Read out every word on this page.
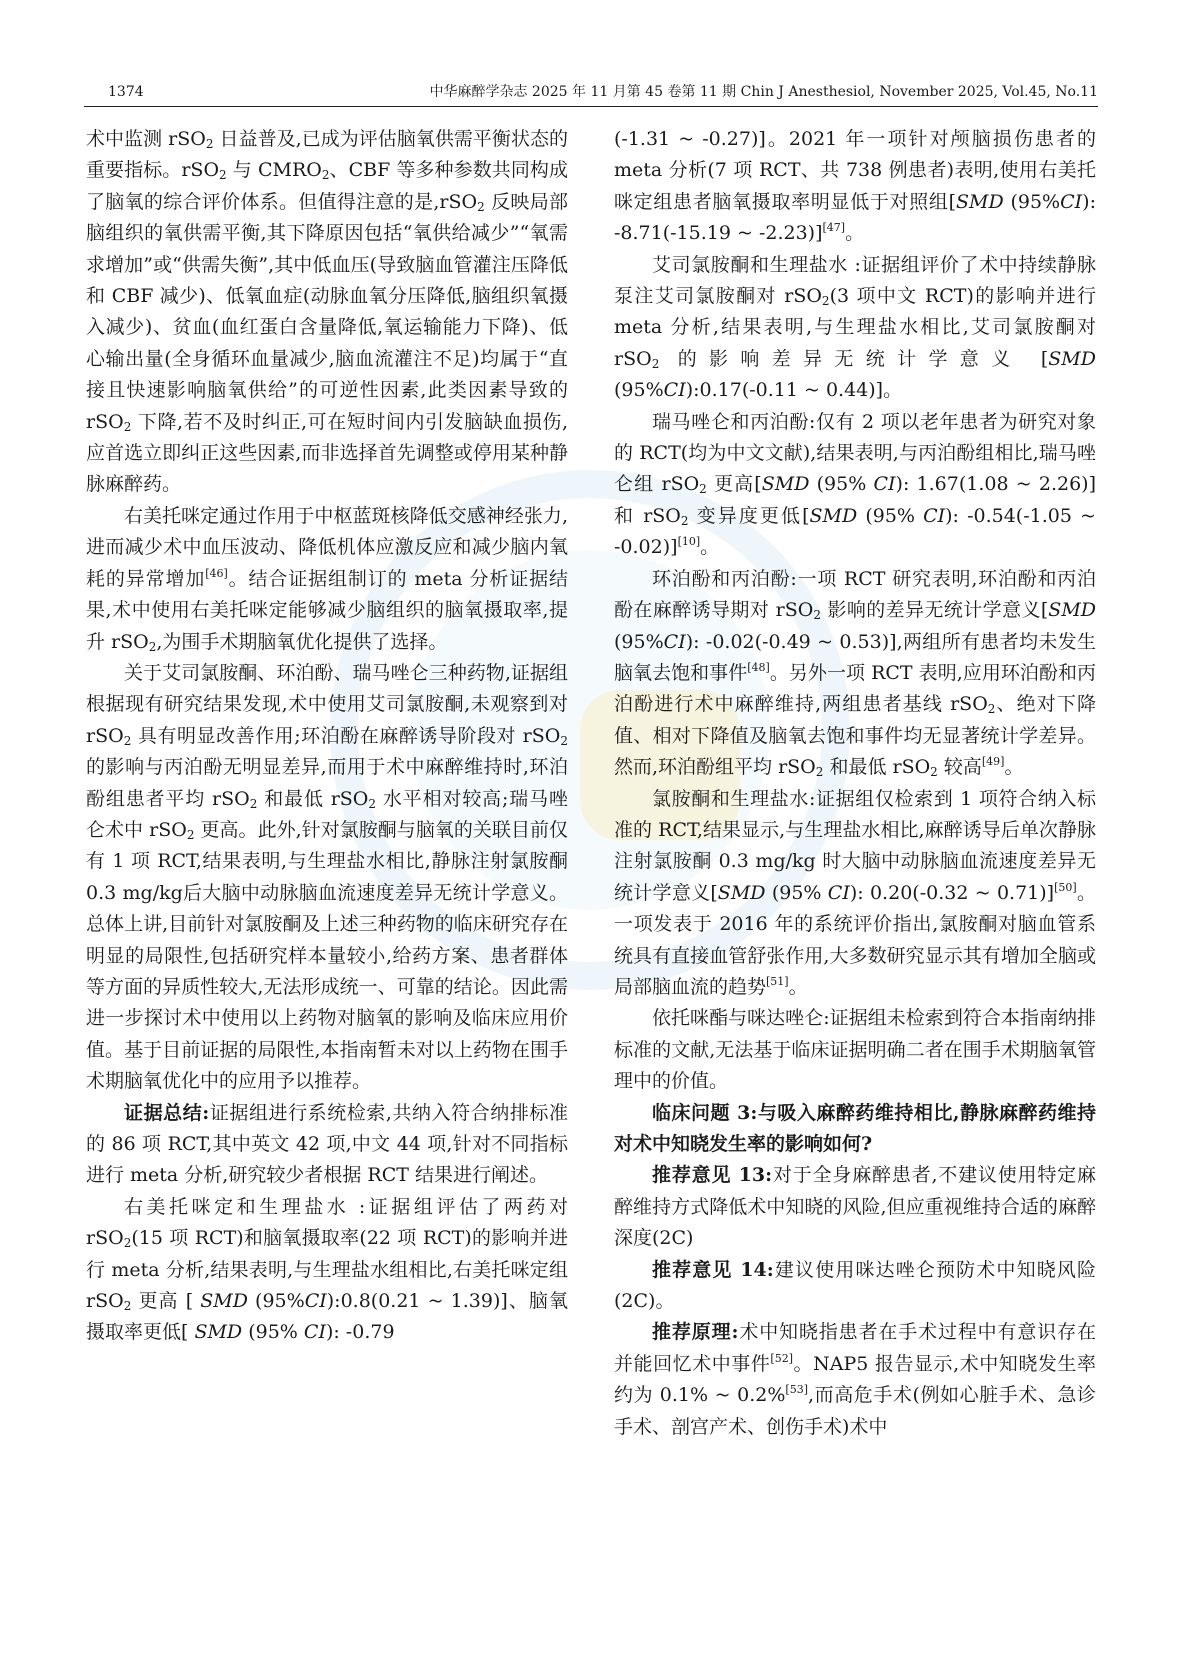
1374	中华麻醉学杂志 2025 年 11 月第 45 卷第 11 期 Chin J Anesthesiol, November 2025, Vol.45, No.11

术中监测 rSO$_2$ 日益普及,已成为评估脑氧供需平衡状态的重要指标。rSO$_2$ 与 $CMRO_2$、CBF 等多种参数共同构成了脑氧的综合评价体系。但值得注意的是,rSO$_2$ 反映局部脑组织的氧供需平衡,其下降原因包括“氧供给减少”“氧需求增加”或“供需失衡”,其中低血压(导致脑血管灌注压降低和 CBF 减少)、低氧血症(动脉血氧分压降低,脑组织氧摄入减少)、贫血(血红蛋白含量降低,氧运输能力下降)、低心输出量(全身循环血量减少,脑血流灌注不足)均属于“直接且快速影响脑氧供给”的可逆性因素,此类因素导致的 rSO$_2$ 下降,若不及时纠正,可在短时间内引发脑缺血损伤,应首选立即纠正这些因素,而非选择首先调整或停用某种静脉麻醉药。

右美托咪定通过作用于中枢蓝斑核降低交感神经张力,进而减少术中血压波动、降低机体应激反应和减少脑内氧耗的异常增加[46]。结合证据组制订的 meta 分析证据结果,术中使用右美托咪定能够减少脑组织的脑氧摄取率,提升 rSO$_2$,为围手术期脑氧优化提供了选择。

关于艾司氯胺酮、环泊酚、瑞马唑仑三种药物,证据组根据现有研究结果发现,术中使用艾司氯胺酮,未观察到对 rSO$_2$ 具有明显改善作用;环泊酚在麻醉诱导阶段对 rSO$_2$ 的影响与丙泊酚无明显差异,而用于术中麻醉维持时,环泊酚组患者平均 rSO$_2$ 和最低 rSO$_2$ 水平相对较高;瑞马唑仑术中 rSO$_2$ 更高。此外,针对氯胺酮与脑氧的关联目前仅有 1 项 RCT,结果表明,与生理盐水相比,静脉注射氯胺酮 0.3 mg/kg后大脑中动脉脑血流速度差异无统计学意义。总体上讲,目前针对氯胺酮及上述三种药物的临床研究存在明显的局限性,包括研究样本量较小,给药方案、患者群体等方面的异质性较大,无法形成统一、可靠的结论。因此需进一步探讨术中使用以上药物对脑氧的影响及临床应用价值。基于目前证据的局限性,本指南暂未对以上药物在围手术期脑氧优化中的应用予以推荐。

证据总结:证据组进行系统检索,共纳入符合纳排标准的 86 项 RCT,其中英文 42 项,中文 44 项,针对不同指标进行 meta 分析,研究较少者根据 RCT 结果进行阐述。

右美托咪定和生理盐水 :证据组评估了两药对 rSO$_2$(15 项 RCT)和脑氧摄取率(22 项 RCT)的影响并进行 meta 分析,结果表明,与生理盐水组相比,右美托咪定组 rSO$_2$ 更高 [ SMD (95%CI):0.8(0.21 ~ 1.39)]、脑氧摄取率更低[ SMD (95% CI): -0.79

(-1.31 ~ -0.27)]。2021 年一项针对颅脑损伤患者的 meta 分析(7 项 RCT、共 738 例患者)表明,使用右美托咪定组患者脑氧摄取率明显低于对照组[SMD (95%CI): -8.71(-15.19 ~ -2.23)][47]。

艾司氯胺酮和生理盐水 :证据组评价了术中持续静脉泵注艾司氯胺酮对 rSO$_2$(3 项中文 RCT)的影响并进行 meta 分析,结果表明,与生理盐水相比,艾司氯胺酮对 rSO$_2$ 的影响差异无统计学意义 [SMD (95%CI):0.17(-0.11 ~ 0.44)]。

瑞马唑仑和丙泊酚:仅有 2 项以老年患者为研究对象的 RCT(均为中文文献),结果表明,与丙泊酚组相比,瑞马唑仑组 rSO$_2$ 更高[SMD (95% CI): 1.67(1.08 ~ 2.26)]和 rSO$_2$ 变异度更低[SMD (95% CI): -0.54(-1.05 ~ -0.02)][10]。

环泊酚和丙泊酚:一项 RCT 研究表明,环泊酚和丙泊酚在麻醉诱导期对 rSO$_2$ 影响的差异无统计学意义[SMD (95%CI): -0.02(-0.49 ~ 0.53)],两组所有患者均未发生脑氧去饱和事件[48]。另外一项 RCT 表明,应用环泊酚和丙泊酚进行术中麻醉维持,两组患者基线 rSO$_2$、绝对下降值、相对下降值及脑氧去饱和事件均无显著统计学差异。然而,环泊酚组平均 rSO$_2$ 和最低 rSO$_2$ 较高[49]。

氯胺酮和生理盐水:证据组仅检索到 1 项符合纳入标准的 RCT,结果显示,与生理盐水相比,麻醉诱导后单次静脉注射氯胺酮 0.3 mg/kg 时大脑中动脉脑血流速度差异无统计学意义[SMD (95% CI): 0.20(-0.32 ~ 0.71)][50]。一项发表于 2016 年的系统评价指出,氯胺酮对脑血管系统具有直接血管舒张作用,大多数研究显示其有增加全脑或局部脑血流的趋势[51]。

依托咪酯与咪达唑仑:证据组未检索到符合本指南纳排标准的文献,无法基于临床证据明确二者在围手术期脑氧管理中的价值。

临床问题 3:与吸入麻醉药维持相比,静脉麻醉药维持对术中知晓发生率的影响如何?

推荐意见 13:对于全身麻醉患者,不建议使用特定麻醉维持方式降低术中知晓的风险,但应重视维持合适的麻醉深度(2C)

推荐意见 14:建议使用咪达唑仑预防术中知晓风险(2C)。

推荐原理:术中知晓指患者在手术过程中有意识存在并能回忆术中事件[52]。NAP5 报告显示,术中知晓发生率约为 0.1% ~ 0.2%[53],而高危手术(例如心脏手术、急诊手术、剖宫产术、创伤手术)术中
